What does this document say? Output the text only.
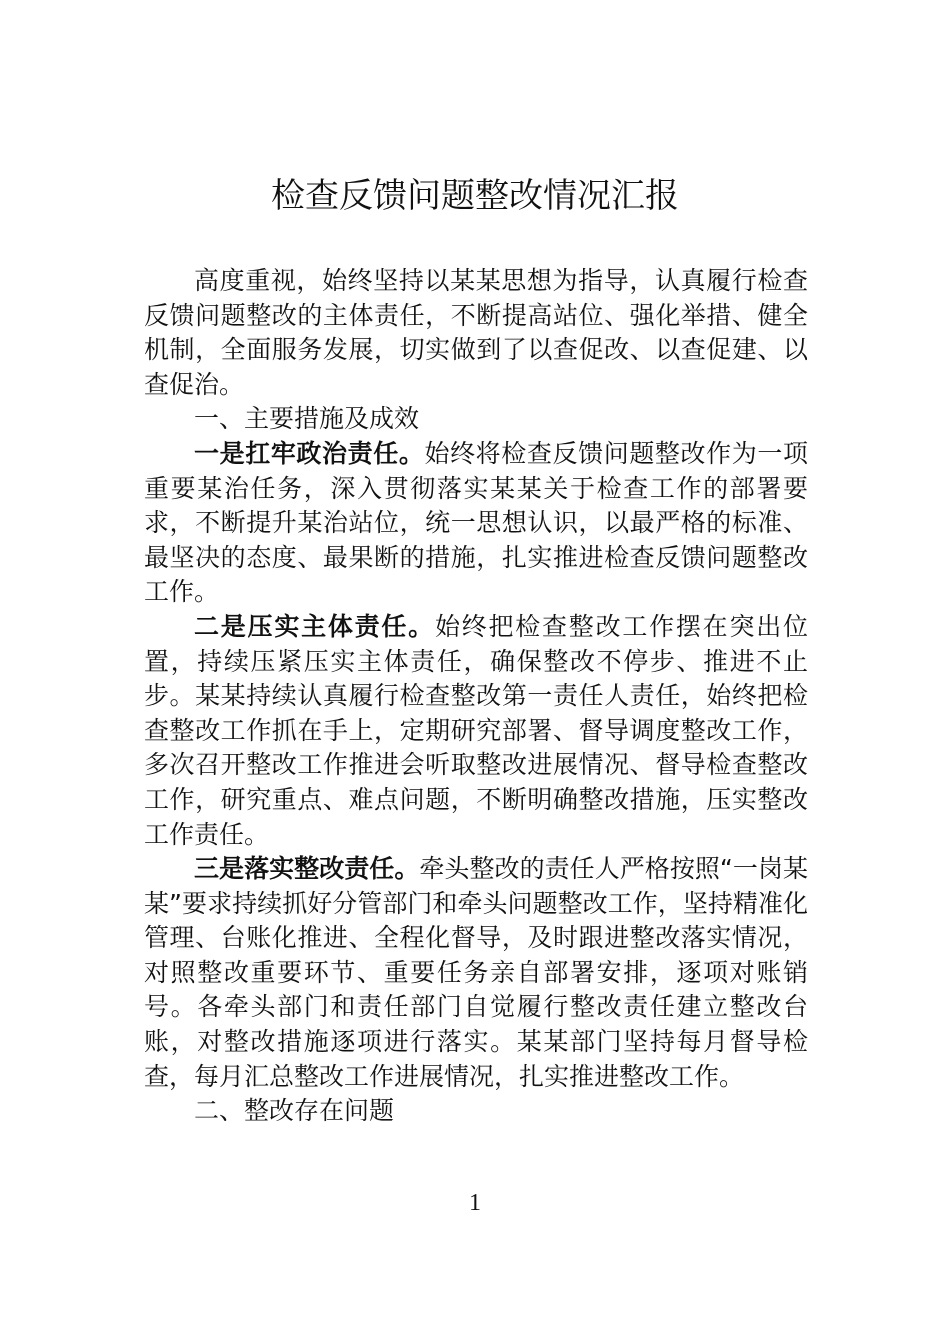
检查反馈问题整改情况汇报

高度重视，始终坚持以某某思想为指导，认真履行检查反馈问题整改的主体责任，不断提高站位、强化举措、健全机制，全面服务发展，切实做到了以查促改、以查促建、以查促治。

一、主要措施及成效

一是扛牢政治责任。始终将检查反馈问题整改作为一项重要某治任务，深入贯彻落实某某关于检查工作的部署要求，不断提升某治站位，统一思想认识，以最严格的标准、最坚决的态度、最果断的措施，扎实推进检查反馈问题整改工作。

二是压实主体责任。始终把检查整改工作摆在突出位置，持续压紧压实主体责任，确保整改不停步、推进不止步。某某持续认真履行检查整改第一责任人责任，始终把检查整改工作抓在手上，定期研究部署、督导调度整改工作，多次召开整改工作推进会听取整改进展情况、督导检查整改工作，研究重点、难点问题，不断明确整改措施，压实整改工作责任。

三是落实整改责任。牵头整改的责任人严格按照“一岗某某”要求持续抓好分管部门和牵头问题整改工作，坚持精准化管理、台账化推进、全程化督导，及时跟进整改落实情况，对照整改重要环节、重要任务亲自部署安排，逐项对账销号。各牵头部门和责任部门自觉履行整改责任建立整改台账，对整改措施逐项进行落实。某某部门坚持每月督导检查，每月汇总整改工作进展情况，扎实推进整改工作。

二、整改存在问题

1
